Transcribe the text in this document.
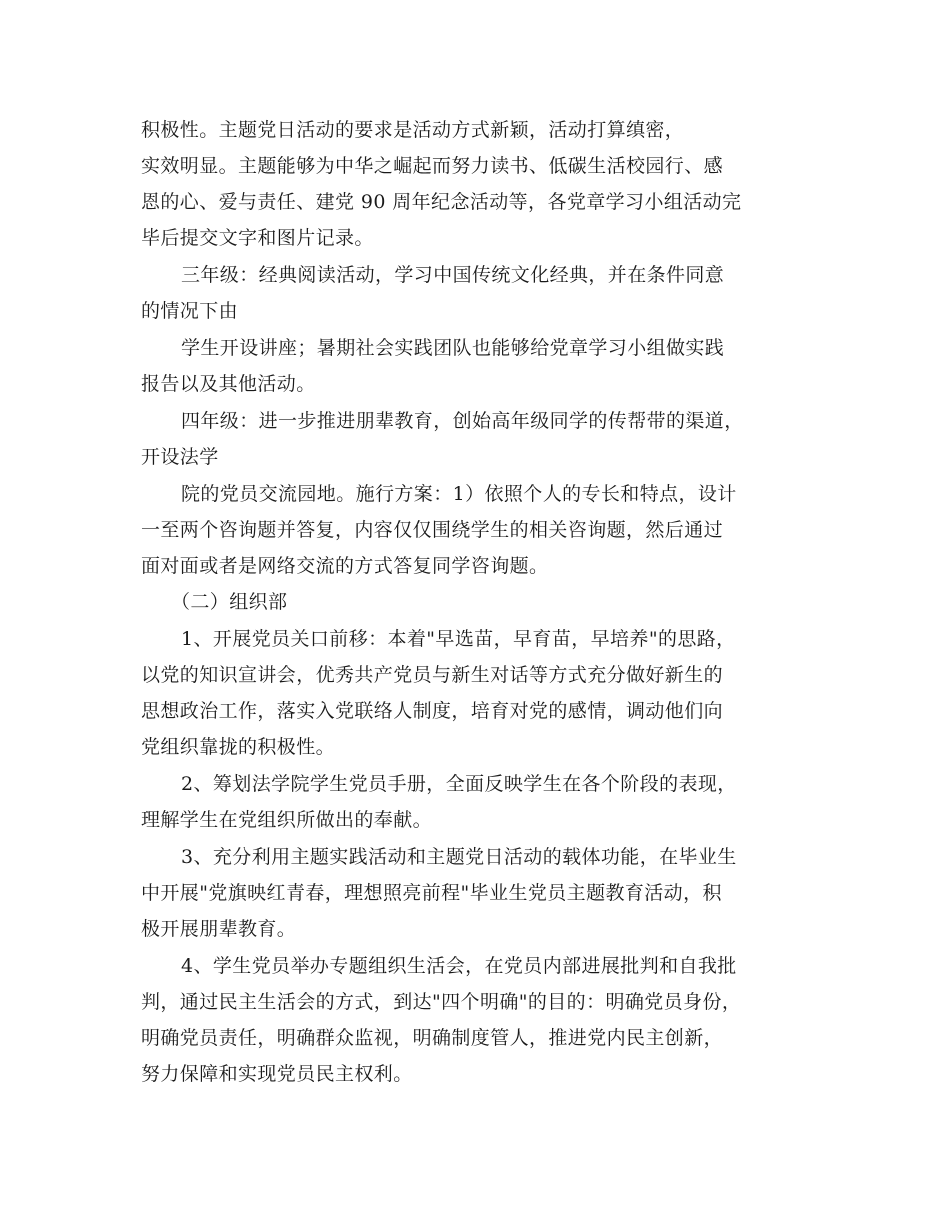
积极性。主题党日活动的要求是活动方式新颖，活动打算缜密，
实效明显。主题能够为中华之崛起而努力读书、低碳生活校园行、感
恩的心、爱与责任、建党 90 周年纪念活动等，各党章学习小组活动完
毕后提交文字和图片记录。
三年级：经典阅读活动，学习中国传统文化经典，并在条件同意
的情况下由
学生开设讲座；暑期社会实践团队也能够给党章学习小组做实践
报告以及其他活动。
四年级：进一步推进朋辈教育，创始高年级同学的传帮带的渠道，
开设法学
院的党员交流园地。施行方案：1）依照个人的专长和特点，设计
一至两个咨询题并答复，内容仅仅围绕学生的相关咨询题，然后通过
面对面或者是网络交流的方式答复同学咨询题。
（二）组织部
1、开展党员关口前移：本着"早选苗，早育苗，早培养"的思路，
以党的知识宣讲会，优秀共产党员与新生对话等方式充分做好新生的
思想政治工作，落实入党联络人制度，培育对党的感情，调动他们向
党组织靠拢的积极性。
2、筹划法学院学生党员手册，全面反映学生在各个阶段的表现，
理解学生在党组织所做出的奉献。
3、充分利用主题实践活动和主题党日活动的载体功能，在毕业生
中开展"党旗映红青春，理想照亮前程"毕业生党员主题教育活动，积
极开展朋辈教育。
4、学生党员举办专题组织生活会，在党员内部进展批判和自我批
判，通过民主生活会的方式，到达"四个明确"的目的：明确党员身份，
明确党员责任，明确群众监视，明确制度管人，推进党内民主创新，
努力保障和实现党员民主权利。
